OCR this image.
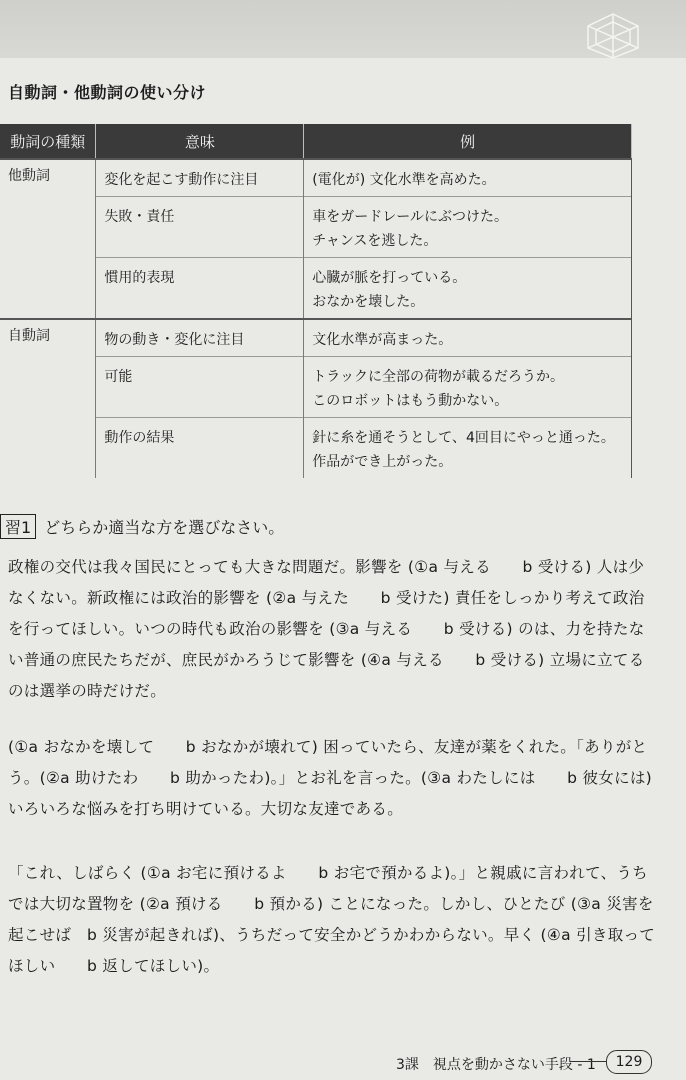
自動詞・他動詞の使い分け
動詞の種類	意味	例
他動詞	変化を起こす動作に注目	(電化が) 文化水準を高めた。

	失敗・責任	車をガードレールにぶつけた。
チャンスを逃した。

	慣用的表現	心臓が脈を打っている。
おなかを壊した。

自動詞	物の動き・変化に注目	文化水準が高まった。

	可能	トラックに全部の荷物が載るだろうか。
このロボットはもう動かない。

	動作の結果	針に糸を通そうとして、4回目にやっと通った。
作品ができ上がった。
習1 どちらか適当な方を選びなさい。
政権の交代は我々国民にとっても大きな問題だ。影響を (①a 与える　　b 受ける) 人は少なくない。新政権には政治的影響を (②a 与えた　　b 受けた) 責任をしっかり考えて政治を行ってほしい。いつの時代も政治の影響を (③a 与える　　b 受ける) のは、力を持たない普通の庶民たちだが、庶民がかろうじて影響を (④a 与える　　b 受ける) 立場に立てるのは選挙の時だけだ。
(①a おなかを壊して　　b おなかが壊れて) 困っていたら、友達が薬をくれた。「ありがとう。(②a 助けたわ　　b 助かったわ)。」とお礼を言った。(③a わたしには　　b 彼女には) いろいろな悩みを打ち明けている。大切な友達である。
「これ、しばらく (①a お宅に預けるよ　　b お宅で預かるよ)。」と親戚に言われて、うちでは大切な置物を (②a 預ける　　b 預かる) ことになった。しかし、ひとたび (③a 災害を起こせば　b 災害が起きれば)、うちだって安全かどうかわからない。早く (④a 引き取ってほしい　　b 返してほしい)。
3課　視点を動かさない手段 - 1	129
